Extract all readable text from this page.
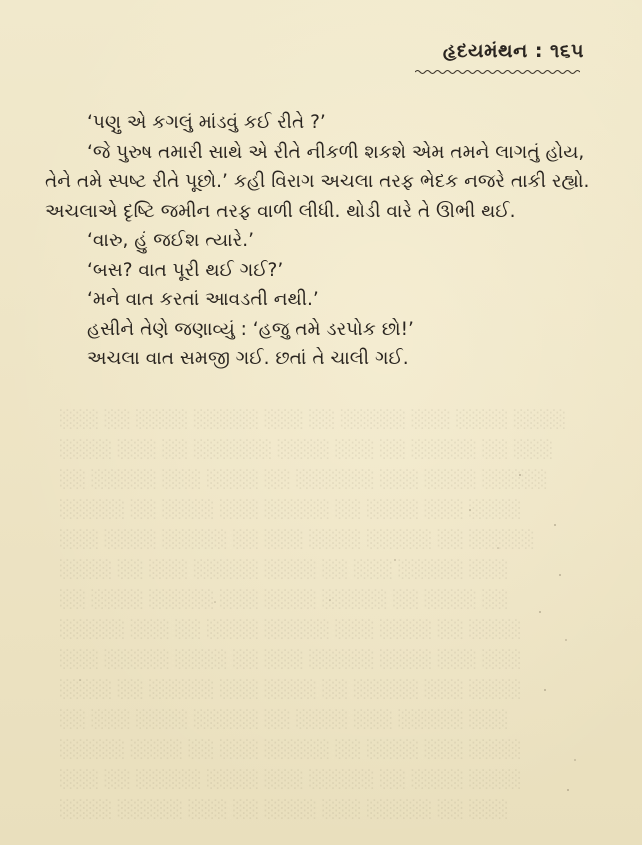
હૃદયમંથન : ૧૬૫

‘પણુ એ કગલું માંડવું કઈ રીતે ?’

‘જે પુરુષ તમારી સાથે એ રીતે નીકળી શકશે એમ તમને લાગતું હોય, તેને તમે સ્પષ્ટ રીતે પૂછો.’ કહી વિરાગ અચલા તરફ ભેદક નજરે તાકી રહ્યો. અચલાએ દૃષ્ટિ જમીન તરફ વાળી લીધી. થોડી વારે તે ઊભી થઈ.

‘વારુ, હું જઈશ ત્યારે.’

‘બસ? વાત પૂરી થઈ ગઈ?’

‘મને વાત કરતાં આવડતી નથી.’

હસીને તેણે જણાવ્યું : ‘હજુ તમે ડરપોક છો!’

અચલા વાત સમજી ગઈ. છતાં તે ચાલી ગઈ.

░░░ ░░ ░░░░ ░░░░░ ░░░ ░░ ░░░░░ ░░░ ░░░░ ░░░░
░░░░ ░░░ ░░ ░░░░░░ ░░░░ ░░░ ░░ ░░░░░ ░░ ░░░
░░ ░░░░░ ░░░ ░░░░ ░░ ░░░░░░ ░░░ ░░░░ ░░░░░
░░░░░ ░░ ░░░░ ░░░ ░░░░░ ░░ ░░░░ ░░░ ░░░░
░░░ ░░░░ ░░░░░ ░░ ░░░ ░░░░ ░░░░░ ░░ ░░░░░
░░░░ ░░ ░░░ ░░░░░ ░░░░ ░░ ░░░ ░░░░░ ░░░
░░ ░░░░ ░░░░░ ░░░ ░░░░ ░░░░░ ░░ ░░░░ ░░
░░░░░ ░░░ ░░ ░░░░ ░░░░░ ░░░ ░░░░ ░░ ░░░░
░░░ ░░░░░ ░░░░ ░░ ░░░ ░░░░░ ░░░░ ░░░ ░░░
░░░░ ░░ ░░░░░ ░░░ ░░░░ ░░ ░░░░░ ░░░ ░░░░
░░ ░░░ ░░░░ ░░░░░ ░░ ░░░░ ░░░ ░░░░░ ░░░
░░░░░ ░░░░ ░░ ░░░ ░░░░░ ░░ ░░░░ ░░░ ░░░░
░░░ ░░ ░░░░░ ░░░░ ░░░ ░░░░░ ░░ ░░░░ ░░░░
░░░░ ░░░░░ ░░░ ░░ ░░░░ ░░░ ░░░░░ ░░ ░░░
